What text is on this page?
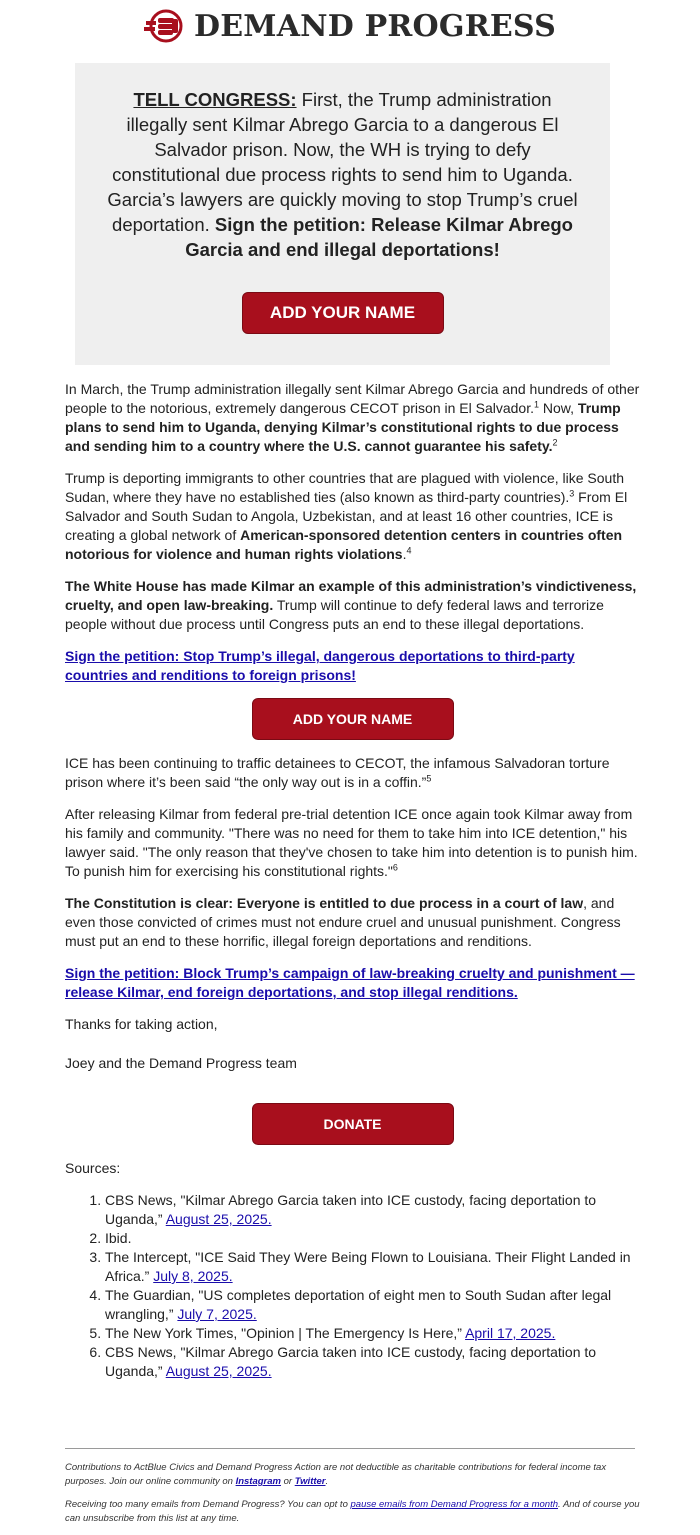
DEMAND PROGRESS

TELL CONGRESS: First, the Trump administration illegally sent Kilmar Abrego Garcia to a dangerous El Salvador prison. Now, the WH is trying to defy constitutional due process rights to send him to Uganda. Garcia’s lawyers are quickly moving to stop Trump’s cruel deportation. Sign the petition: Release Kilmar Abrego Garcia and end illegal deportations!

ADD YOUR NAME

In March, the Trump administration illegally sent Kilmar Abrego Garcia and hundreds of other people to the notorious, extremely dangerous CECOT prison in El Salvador.$^1$ Now, Trump plans to send him to Uganda, denying Kilmar’s constitutional rights to due process and sending him to a country where the U.S. cannot guarantee his safety.$^2$

Trump is deporting immigrants to other countries that are plagued with violence, like South Sudan, where they have no established ties (also known as third-party countries).$^3$ From El Salvador and South Sudan to Angola, Uzbekistan, and at least 16 other countries, ICE is creating a global network of American-sponsored detention centers in countries often notorious for violence and human rights violations.$^4$

The White House has made Kilmar an example of this administration’s vindictiveness, cruelty, and open law-breaking. Trump will continue to defy federal laws and terrorize people without due process until Congress puts an end to these illegal deportations.

Sign the petition: Stop Trump’s illegal, dangerous deportations to third-party countries and renditions to foreign prisons!

ADD YOUR NAME

ICE has been continuing to traffic detainees to CECOT, the infamous Salvadoran torture prison where it’s been said “the only way out is in a coffin.”$^5$

After releasing Kilmar from federal pre-trial detention ICE once again took Kilmar away from his family and community. "There was no need for them to take him into ICE detention," his lawyer said. "The only reason that they've chosen to take him into detention is to punish him. To punish him for exercising his constitutional rights."$^6$

The Constitution is clear: Everyone is entitled to due process in a court of law, and even those convicted of crimes must not endure cruel and unusual punishment. Congress must put an end to these horrific, illegal foreign deportations and renditions.

Sign the petition: Block Trump’s campaign of law-breaking cruelty and punishment — release Kilmar, end foreign deportations, and stop illegal renditions.

Thanks for taking action,

Joey and the Demand Progress team

DONATE

Sources:

1. CBS News, "Kilmar Abrego Garcia taken into ICE custody, facing deportation to Uganda,” August 25, 2025.
2. Ibid.
3. The Intercept, "ICE Said They Were Being Flown to Louisiana. Their Flight Landed in Africa.” July 8, 2025.
4. The Guardian, "US completes deportation of eight men to South Sudan after legal wrangling,” July 7, 2025.
5. The New York Times, "Opinion | The Emergency Is Here,” April 17, 2025.
6. CBS News, "Kilmar Abrego Garcia taken into ICE custody, facing deportation to Uganda,” August 25, 2025.

Contributions to ActBlue Civics and Demand Progress Action are not deductible as charitable contributions for federal income tax purposes. Join our online community on Instagram or Twitter.

Receiving too many emails from Demand Progress? You can opt to pause emails from Demand Progress for a month. And of course you can unsubscribe from this list at any time.
